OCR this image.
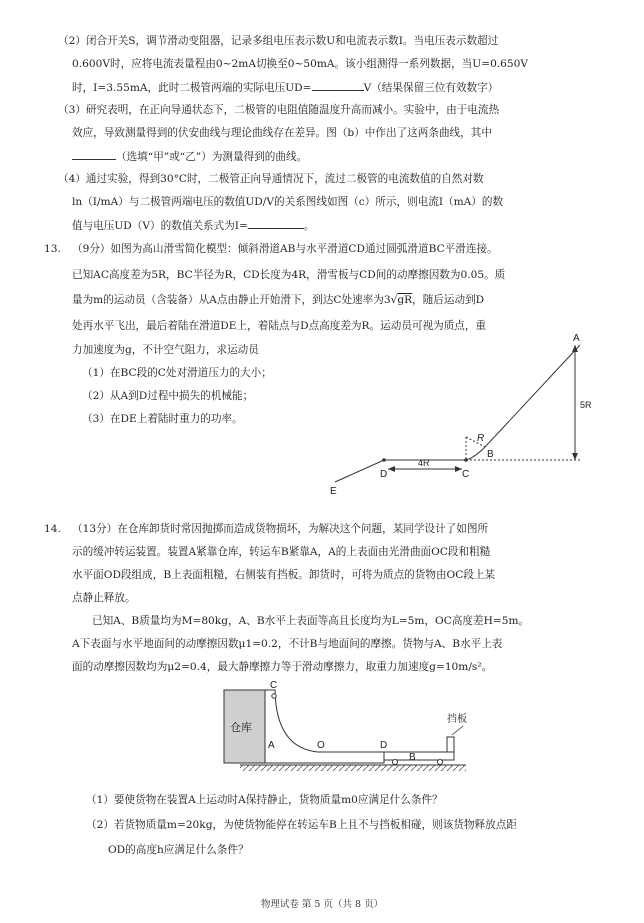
（2）闭合开关S，调节滑动变阻器，记录多组电压表示数U和电流表示数I。当电压表示数超过
0.600V时，应将电流表量程由0~2mA切换至0~50mA。该小组测得一系列数据，当U=0.650V
时，I=3.55mA，此时二极管两端的实际电压UD=	V（结果保留三位有效数字）
（3）研究表明，在正向导通状态下，二极管的电阻值随温度升高而减小。实验中，由于电流热
效应，导致测量得到的伏安曲线与理论曲线存在差异。图（b）中作出了这两条曲线，其中
（选填“甲”或“乙”）为测量得到的曲线。
（4）通过实验，得到30°C时，二极管正向导通情况下，流过二极管的电流数值的自然对数
ln（I/mA）与二极管两端电压的数值UD/V的关系图线如图（c）所示，则电流I（mA）的数
值与电压UD（V）的数值关系式为I=	。
13. （9分）如图为高山滑雪简化模型：倾斜滑道AB与水平滑道CD通过圆弧滑道BC平滑连接。
已知AC高度差为5R，BC半径为R，CD长度为4R，滑雪板与CD间的动摩擦因数为0.05。质
量为m的运动员（含装备）从A点由静止开始滑下，到达C处速率为3√gR，随后运动到D
处再水平飞出，最后着陆在滑道DE上，着陆点与D点高度差为R。运动员可视为质点，重
力加速度为g，不计空气阻力，求运动员
（1）在BC段的C处对滑道压力的大小；
（2）从A到D过程中损失的机械能；
（3）在DE上着陆时重力的功率。
A
B
C
D
E
R
5R
4R
14. （13分）在仓库卸货时常因抛掷而造成货物损坏，为解决这个问题，某同学设计了如图所
示的缓冲转运装置。装置A紧靠仓库，转运车B紧靠A，A的上表面由光滑曲面OC段和粗糙
水平面OD段组成，B上表面粗糙，右侧装有挡板。卸货时，可将为质点的货物由OC段上某
点静止释放。
已知A、B质量均为M=80kg，A、B水平上表面等高且长度均为L=5m，OC高度差H=5m。
A下表面与水平地面间的动摩擦因数μ1=0.2，不计B与地面间的摩擦。货物与A、B水平上表
面的动摩擦因数均为μ2=0.4，最大静摩擦力等于滑动摩擦力，取重力加速度g=10m/s²。
仓库
C
A	O	D
B
挡板
（1）要使货物在装置A上运动时A保持静止，货物质量m0应满足什么条件？
（2）若货物质量m=20kg，为使货物能停在转运车B上且不与挡板相碰，则该货物释放点距
OD的高度h应满足什么条件？
物理试卷 第 5 页（共 8 页）
